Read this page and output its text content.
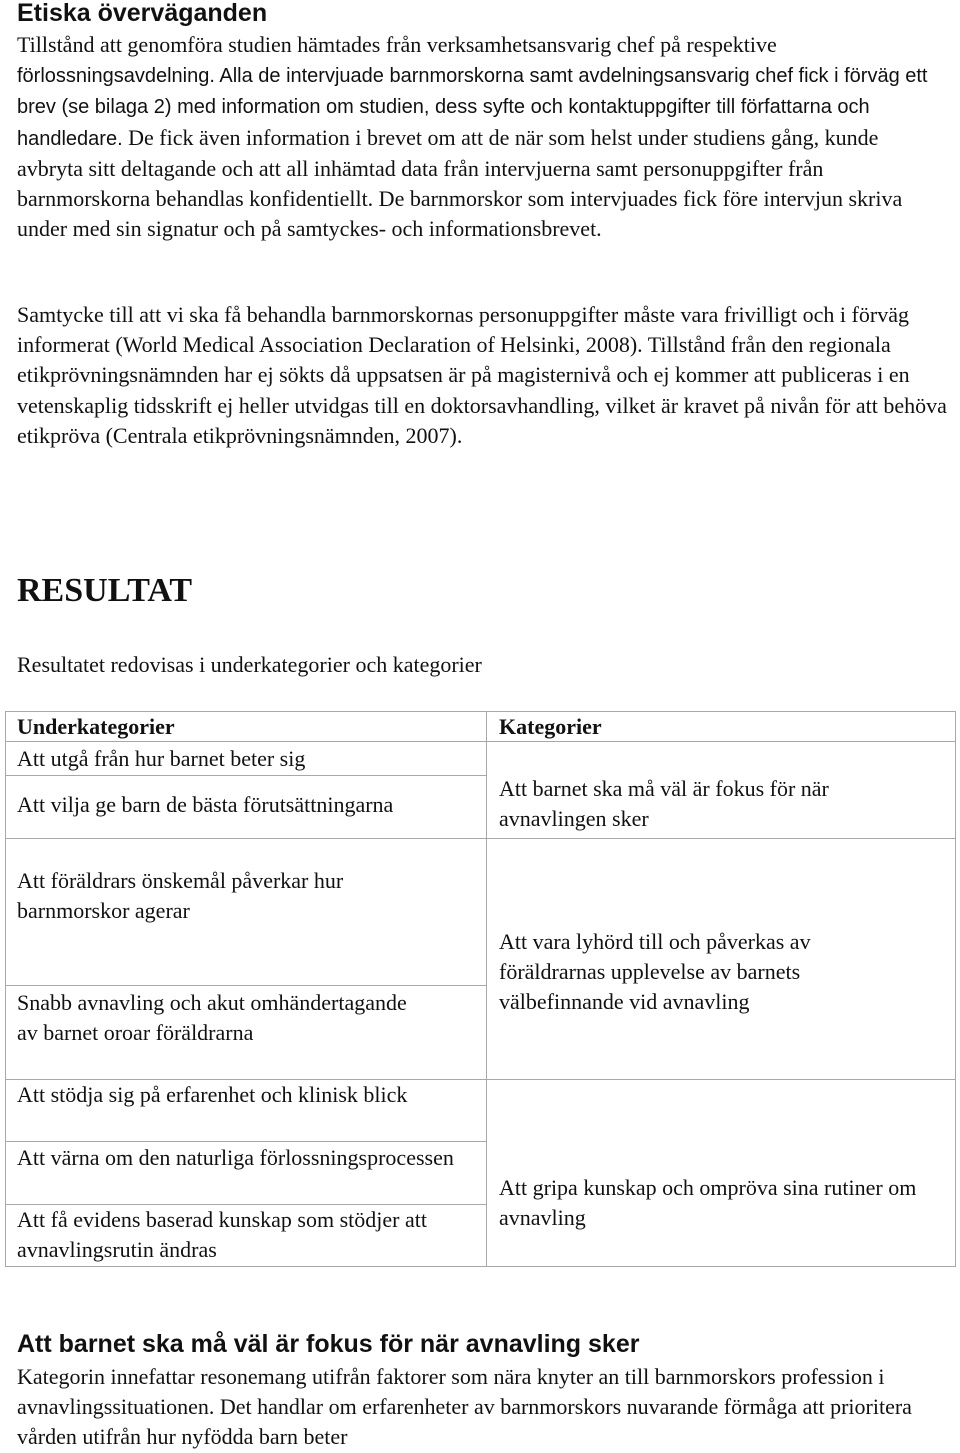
Etiska överväganden

Tillstånd att genomföra studien hämtades från verksamhetsansvarig chef på respektive förlossningsavdelning. Alla de intervjuade barnmorskorna samt avdelningsansvarig chef fick i förväg ett brev (se bilaga 2) med information om studien, dess syfte och kontaktuppgifter till författarna och handledare. De fick även information i brevet om att de när som helst under studiens gång, kunde avbryta sitt deltagande och att all inhämtad data från intervjuerna samt personuppgifter från barnmorskorna behandlas konfidentiellt. De barnmorskor som intervjuades fick före intervjun skriva under med sin signatur och på samtyckes- och informationsbrevet.

Samtycke till att vi ska få behandla barnmorskornas personuppgifter måste vara frivilligt och i förväg informerat (World Medical Association Declaration of Helsinki, 2008). Tillstånd från den regionala etikprövningsnämnden har ej sökts då uppsatsen är på magisternivå och ej kommer att publiceras i en vetenskaplig tidsskrift ej heller utvidgas till en doktorsavhandling, vilket är kravet på nivån för att behöva etikpröva (Centrala etikprövningsnämnden, 2007).

RESULTAT

Resultatet redovisas i underkategorier och kategorier

Underkategorier	Kategorier

Att utgå från hur barnet beter sig

Att vilja ge barn de bästa förutsättningarna

Att föräldrars önskemål påverkar hur barnmorskor agerar

Snabb avnavling och akut omhändertagande av barnet oroar föräldrarna

Att stödja sig på erfarenhet och klinisk blick

Att värna om den naturliga förlossningsprocessen

Att få evidens baserad kunskap som stödjer att avnavlingsrutin ändras

Att barnet ska må väl är fokus för när avnavlingen sker

Att vara lyhörd till och påverkas av föräldrarnas upplevelse av barnets välbefinnande vid avnavling

Att gripa kunskap och ompröva sina rutiner om avnavling

Att barnet ska må väl är fokus för när avnavling sker

Kategorin innefattar resonemang utifrån faktorer som nära knyter an till barnmorskors profession i avnavlingssituationen. Det handlar om erfarenheter av barnmorskors nuvarande förmåga att prioritera vården utifrån hur nyfödda barn beter
